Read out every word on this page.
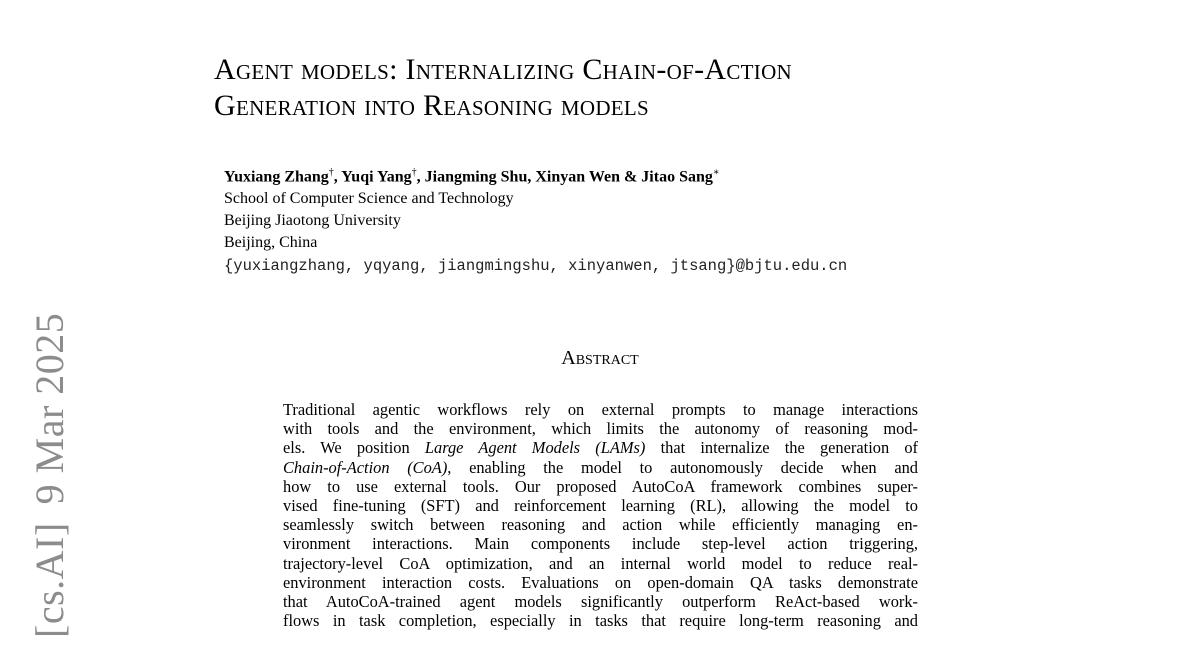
Agent models: Internalizing Chain-of-Action
Generation into Reasoning models
Yuxiang Zhang†, Yuqi Yang†, Jiangming Shu, Xinyan Wen & Jitao Sang∗
School of Computer Science and Technology
Beijing Jiaotong University
Beijing, China
{yuxiangzhang, yqyang, jiangmingshu, xinyanwen, jtsang}@bjtu.edu.cn
[cs.AI]9 Mar 2025	Abstract
Traditional agentic workflows rely on external prompts to manage interactions
with tools and the environment, which limits the autonomy of reasoning mod-
els. We position Large Agent Models (LAMs) that internalize the generation of
Chain-of-Action (CoA), enabling the model to autonomously decide when and
how to use external tools. Our proposed AutoCoA framework combines super-
vised fine-tuning (SFT) and reinforcement learning (RL), allowing the model to
seamlessly switch between reasoning and action while efficiently managing en-
vironment interactions. Main components include step-level action triggering,
trajectory-level CoA optimization, and an internal world model to reduce real-
environment interaction costs. Evaluations on open-domain QA tasks demonstrate
that AutoCoA-trained agent models significantly outperform ReAct-based work-
flows in task completion, especially in tasks that require long-term reasoning and
